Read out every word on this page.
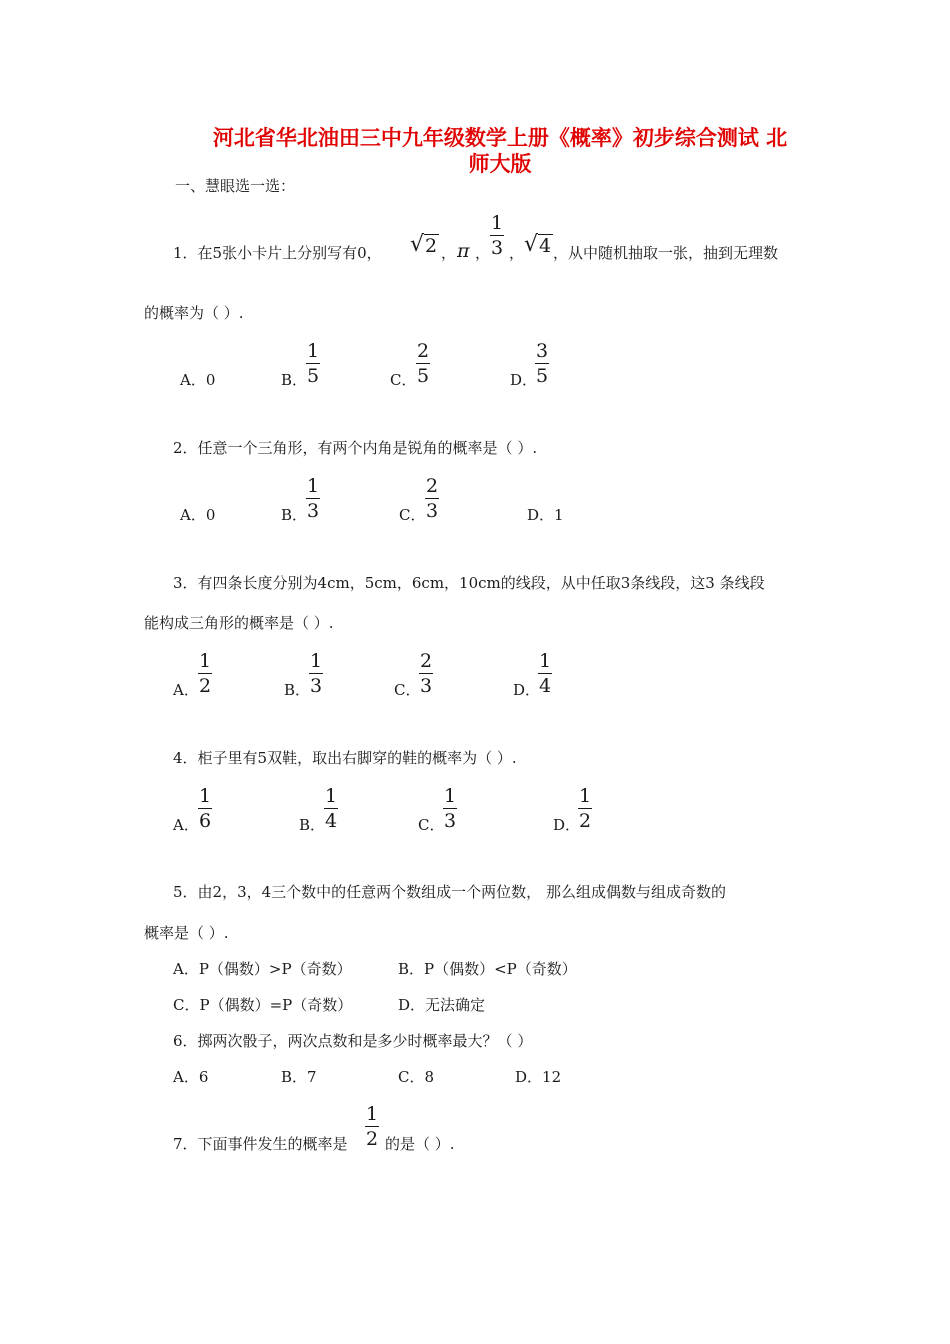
河北省华北油田三中九年级数学上册《概率》初步综合测试 北
师大版
一、慧眼选一选：
1．在5张小卡片上分别写有0， √ 2 ， π ， $\frac{1}{3}$ ， √ 4 ，从中随机抽取一张，抽到无理数
的概率为（ ）.
A．0	B．
$\frac{1}{5}$	C． $\frac{2}{5}$	D．
$\frac{3}{5}$
2．任意一个三角形，有两个内角是锐角的概率是（ ）.
A．0	B．
$\frac{1}{3}$	C． $\frac{2}{3}$	D．1
3．有四条长度分别为4cm，5cm，6cm，10cm的线段，从中任取3条线段，这3 条线段
能构成三角形的概率是（ ）.
A． $\frac{1}{2}$	B．
$\frac{1}{3}$	C．
$\frac{2}{3}$	D．
$\frac{1}{4}$
4．柜子里有5双鞋，取出右脚穿的鞋的概率为（ ）.
A． $\frac{1}{6}$	B．
$\frac{1}{4}$	C．
$\frac{1}{3}$	D．
$\frac{1}{2}$
5．由2，3，4三个数中的任意两个数组成一个两位数， 那么组成偶数与组成奇数的
概率是（ ）.
A．P（偶数）>P（奇数）	B．P（偶数）<P（奇数）
C．P（偶数）=P（奇数）	D．无法确定
6．掷两次骰子，两次点数和是多少时概率最大？（ ）
A．6	B．7	C．8	D．12
7．下面事件发生的概率是 $\frac{1}{2}$ 的是（ ）.
